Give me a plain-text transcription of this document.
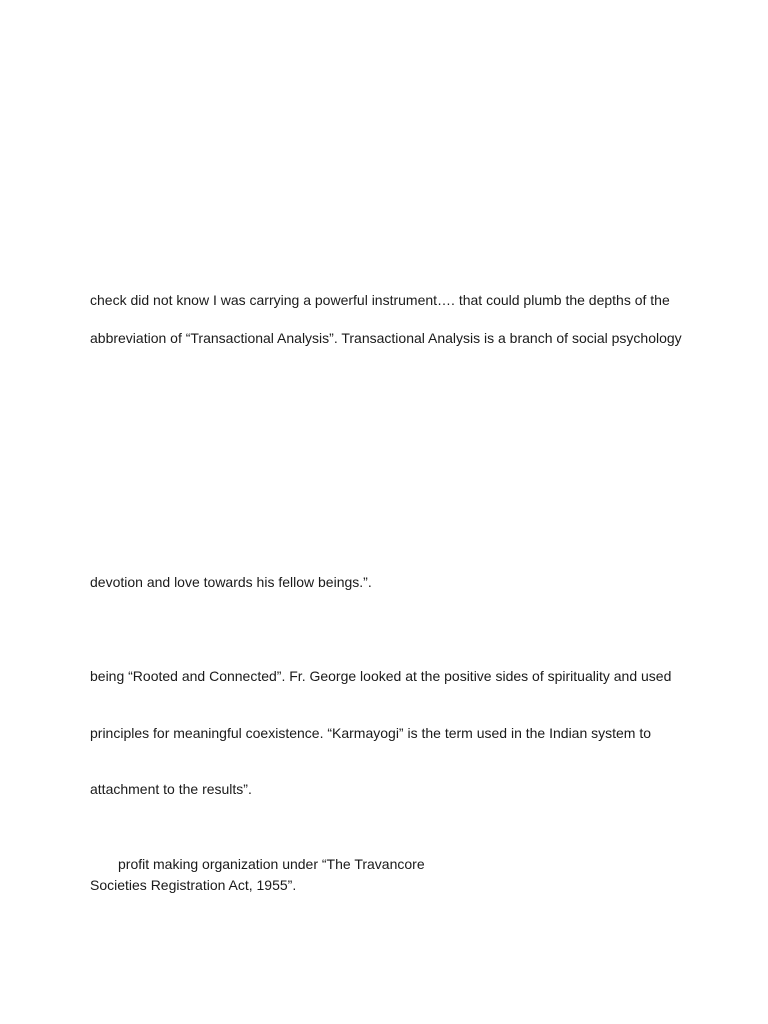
check did not know I was carrying a powerful instrument…. that could plumb the depths of the
abbreviation of “Transactional Analysis”. Transactional Analysis is a branch of social psychology
devotion and love towards his fellow beings.”.
being “Rooted and Connected”. Fr. George looked at the positive sides of spirituality and used
principles for meaningful coexistence. “Karmayogi” is the term used in the Indian system to
attachment to the results”.
profit making organization under “The Travancore
Societies Registration Act, 1955”.
